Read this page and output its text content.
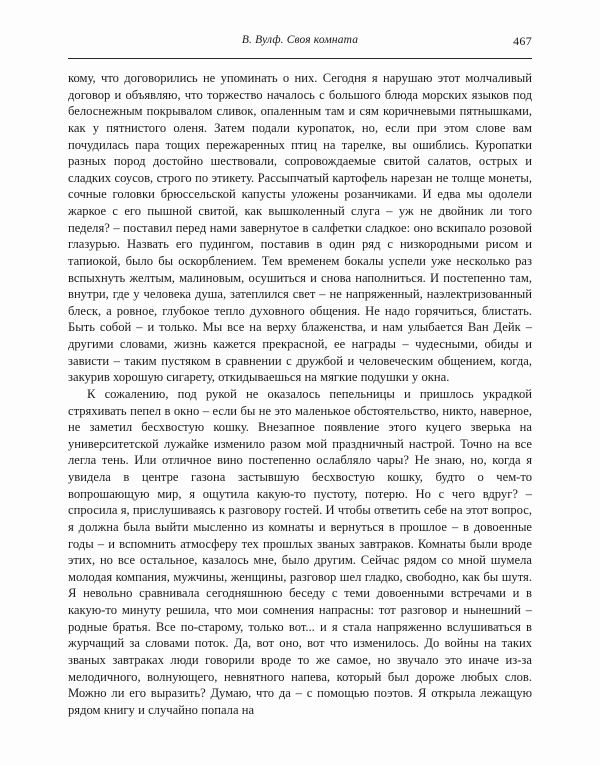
В. Вулф. Своя комната	467

кому, что договорились не упоминать о них. Сегодня я нарушаю этот молчаливый договор и объявляю, что торжество началось с большого блюда морских языков под белоснежным покрывалом сливок, опаленным там и сям коричневыми пятнышками, как у пятнистого оленя. Затем подали куропаток, но, если при этом слове вам почудилась пара тощих пережаренных птиц на тарелке, вы ошиблись. Куропатки разных пород достойно шествовали, сопровождаемые свитой салатов, острых и сладких соусов, строго по этикету. Рассыпчатый картофель нарезан не толще монеты, сочные головки брюссельской капусты уложены розанчиками. И едва мы одолели жаркое с его пышной свитой, как вышколенный слуга – уж не двойник ли того педеля? – поставил перед нами завернутое в салфетки сладкое: оно вскипало розовой глазурью. Назвать его пудингом, поставив в один ряд с низкородными рисом и тапиокой, было бы оскорблением. Тем временем бокалы успели уже несколько раз вспыхнуть желтым, малиновым, осушиться и снова наполниться. И постепенно там, внутри, где у человека душа, затеплился свет – не напряженный, наэлектризованный блеск, а ровное, глубокое тепло духовного общения. Не надо горячиться, блистать. Быть собой – и только. Мы все на верху блаженства, и нам улыбается Ван Дейк – другими словами, жизнь кажется прекрасной, ее награды – чудесными, обиды и зависти – таким пустяком в сравнении с дружбой и человеческим общением, когда, закурив хорошую сигарету, откидываешься на мягкие подушки у окна.

К сожалению, под рукой не оказалось пепельницы и пришлось украдкой стряхивать пепел в окно – если бы не это маленькое обстоятельство, никто, наверное, не заметил бесхвостую кошку. Внезапное появление этого куцего зверька на университетской лужайке изменило разом мой праздничный настрой. Точно на все легла тень. Или отличное вино постепенно ослабляло чары? Не знаю, но, когда я увидела в центре газона застывшую бесхвостую кошку, будто о чем-то вопрошающую мир, я ощутила какую-то пустоту, потерю. Но с чего вдруг? – спросила я, прислушиваясь к разговору гостей. И чтобы ответить себе на этот вопрос, я должна была выйти мысленно из комнаты и вернуться в прошлое – в довоенные годы – и вспомнить атмосферу тех прошлых званых завтраков. Комнаты были вроде этих, но все остальное, казалось мне, было другим. Сейчас рядом со мной шумела молодая компания, мужчины, женщины, разговор шел гладко, свободно, как бы шутя. Я невольно сравнивала сегодняшнюю беседу с теми довоенными встречами и в какую-то минуту решила, что мои сомнения напрасны: тот разговор и нынешний – родные братья. Все по-старому, только вот... и я стала напряженно вслушиваться в журчащий за словами поток. Да, вот оно, вот что изменилось. До войны на таких званых завтраках люди говорили вроде то же самое, но звучало это иначе из-за мелодичного, волнующего, невнятного напева, который был дороже любых слов. Можно ли его выразить? Думаю, что да – с помощью поэтов. Я открыла лежащую рядом книгу и случайно попала на
